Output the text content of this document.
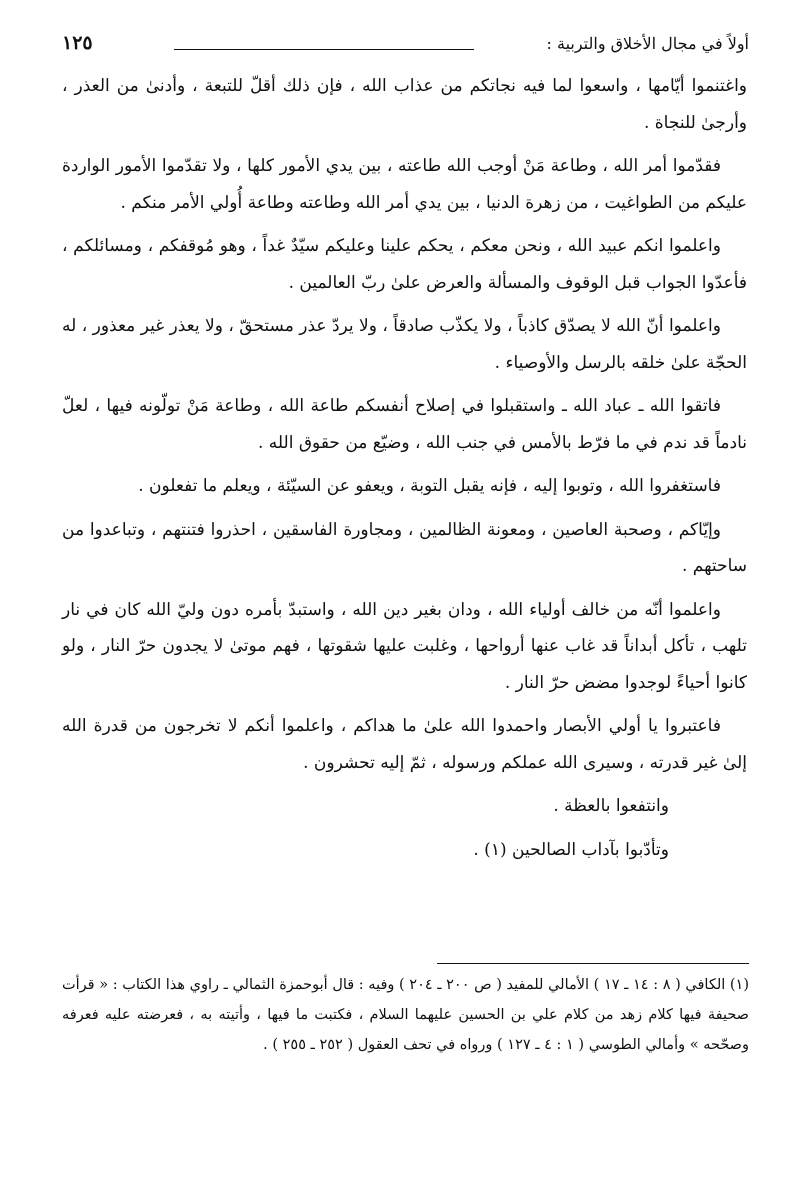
أولاً في مجال الأخلاق والتربية :
١٢٥

واغتنموا أيّامها ، واسعوا لما فيه نجاتكم من عذاب الله ، فإن ذلك أقلّ للتبعة ، وأدنىٰ من العذر ، وأرجىٰ للنجاة .

فقدّموا أمر الله ، وطاعة مَنْ أوجب الله طاعته ، بين يدي الأمور كلها ، ولا تقدّموا الأمور الواردة عليكم من الطواغيت ، من زهرة الدنيا ، بين يدي أمر الله وطاعته وطاعة أُولي الأمر منكم .

واعلموا انكم عبيد الله ، ونحن معكم ، يحكم علينا وعليكم سيّدٌ غداً ، وهو مُوقفكم ، ومسائلكم ، فأعدّوا الجواب قبل الوقوف والمسألة والعرض علىٰ ربّ العالمين .

واعلموا أنّ الله لا يصدّق كاذباً ، ولا يكذّب صادقاً ، ولا يردّ عذر مستحقّ ، ولا يعذر غير معذور ، له الحجّة علىٰ خلقه بالرسل والأوصياء .

فاتقوا الله ـ عباد الله ـ واستقبلوا في إصلاح أنفسكم طاعة الله ، وطاعة مَنْ تولّونه فيها ، لعلّ نادماً قد ندم في ما فرّط بالأمس في جنب الله ، وضيّع من حقوق الله .

فاستغفروا الله ، وتوبوا إليه ، فإنه يقبل التوبة ، ويعفو عن السيّئة ، ويعلم ما تفعلون .

وإيّاكم ، وصحبة العاصين ، ومعونة الظالمين ، ومجاورة الفاسقين ، احذروا فتنتهم ، وتباعدوا من ساحتهم .

واعلموا أنّه من خالف أولياء الله ، ودان بغير دين الله ، واستبدّ بأمره دون وليّ الله كان في نار تلهب ، تأكل أبداناً قد غاب عنها أرواحها ، وغلبت عليها شقوتها ، فهم موتىٰ لا يجدون حرّ النار ، ولو كانوا أحياءً لوجدوا مضض حرّ النار .

فاعتبروا يا أولي الأبصار واحمدوا الله علىٰ ما هداكم ، واعلموا أنكم لا تخرجون من قدرة الله إلىٰ غير قدرته ، وسيرى الله عملكم ورسوله ، ثمّ إليه تحشرون .

وانتفعوا بالعظة .

وتأدّبوا بآداب الصالحين (١) .

(١) الكافي ( ٨ : ١٤ ـ ١٧ ) الأمالي للمفيد ( ص ٢٠٠ ـ ٢٠٤ ) وفيه : قال أبوحمزة الثمالي ـ راوي هذا الكتاب : « قرأت صحيفة فيها كلام زهد من كلام علي بن الحسين عليهما السلام ، فكتبت ما فيها ، وأتيته به ، فعرضته عليه فعرفه وصحّحه » وأمالي الطوسي ( ١ : ٤ ـ ١٢٧ ) ورواه في تحف العقول ( ٢٥٢ ـ ٢٥٥ ) .
